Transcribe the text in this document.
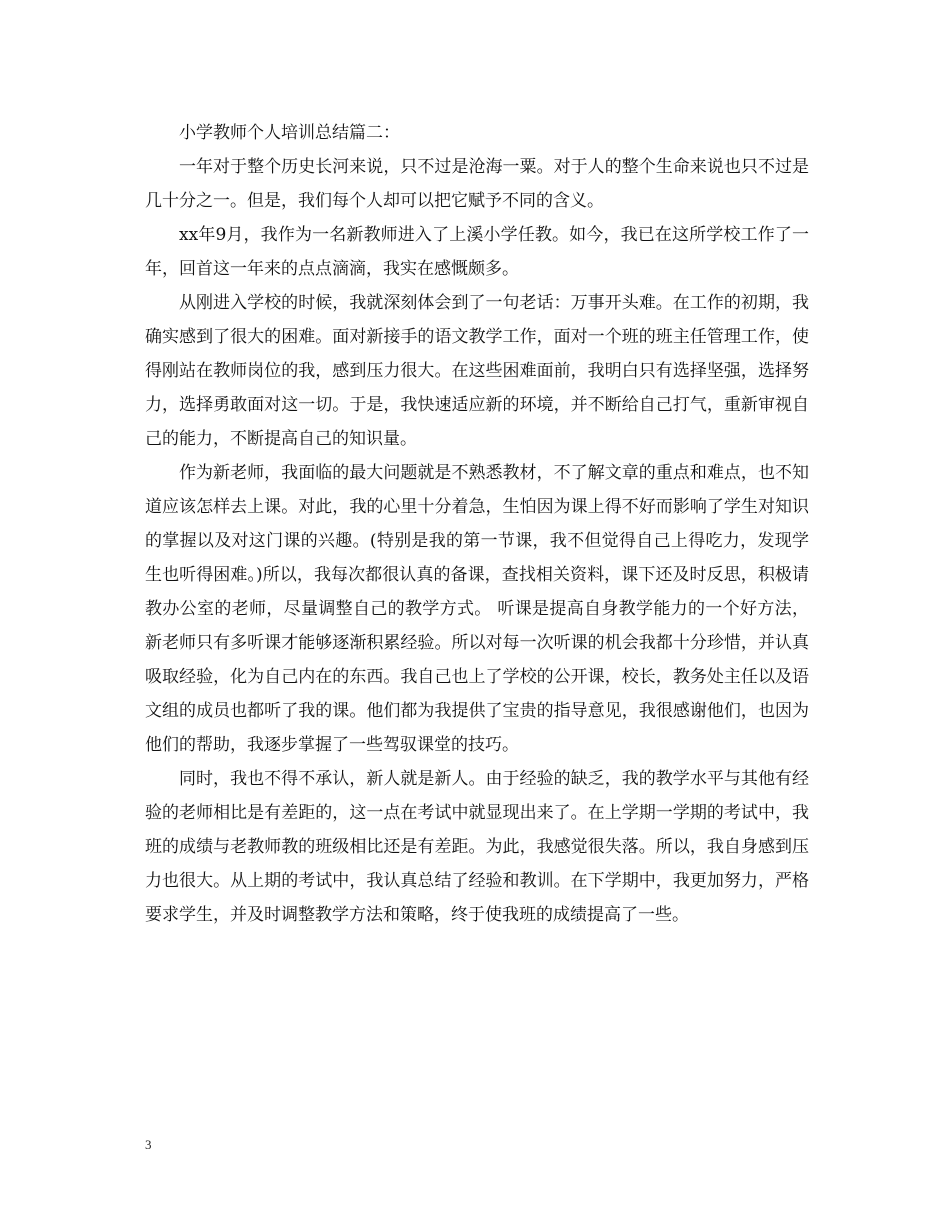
小学教师个人培训总结篇二：

一年对于整个历史长河来说，只不过是沧海一粟。对于人的整个生命来说也只不过是几十分之一。但是，我们每个人却可以把它赋予不同的含义。

xx年9月，我作为一名新教师进入了上溪小学任教。如今，我已在这所学校工作了一年，回首这一年来的点点滴滴，我实在感慨颇多。

从刚进入学校的时候，我就深刻体会到了一句老话：万事开头难。在工作的初期，我确实感到了很大的困难。面对新接手的语文教学工作，面对一个班的班主任管理工作，使得刚站在教师岗位的我，感到压力很大。在这些困难面前，我明白只有选择坚强，选择努力，选择勇敢面对这一切。于是，我快速适应新的环境，并不断给自己打气，重新审视自己的能力，不断提高自己的知识量。

作为新老师，我面临的最大问题就是不熟悉教材，不了解文章的重点和难点，也不知道应该怎样去上课。对此，我的心里十分着急，生怕因为课上得不好而影响了学生对知识的掌握以及对这门课的兴趣。(特别是我的第一节课，我不但觉得自己上得吃力，发现学生也听得困难。)所以，我每次都很认真的备课，查找相关资料，课下还及时反思，积极请教办公室的老师，尽量调整自己的教学方式。 听课是提高自身教学能力的一个好方法，新老师只有多听课才能够逐渐积累经验。所以对每一次听课的机会我都十分珍惜，并认真吸取经验，化为自己内在的东西。我自己也上了学校的公开课，校长，教务处主任以及语文组的成员也都听了我的课。他们都为我提供了宝贵的指导意见，我很感谢他们，也因为他们的帮助，我逐步掌握了一些驾驭课堂的技巧。

同时，我也不得不承认，新人就是新人。由于经验的缺乏，我的教学水平与其他有经验的老师相比是有差距的，这一点在考试中就显现出来了。在上学期一学期的考试中，我班的成绩与老教师教的班级相比还是有差距。为此，我感觉很失落。所以，我自身感到压力也很大。从上期的考试中，我认真总结了经验和教训。在下学期中，我更加努力，严格要求学生，并及时调整教学方法和策略，终于使我班的成绩提高了一些。

3
